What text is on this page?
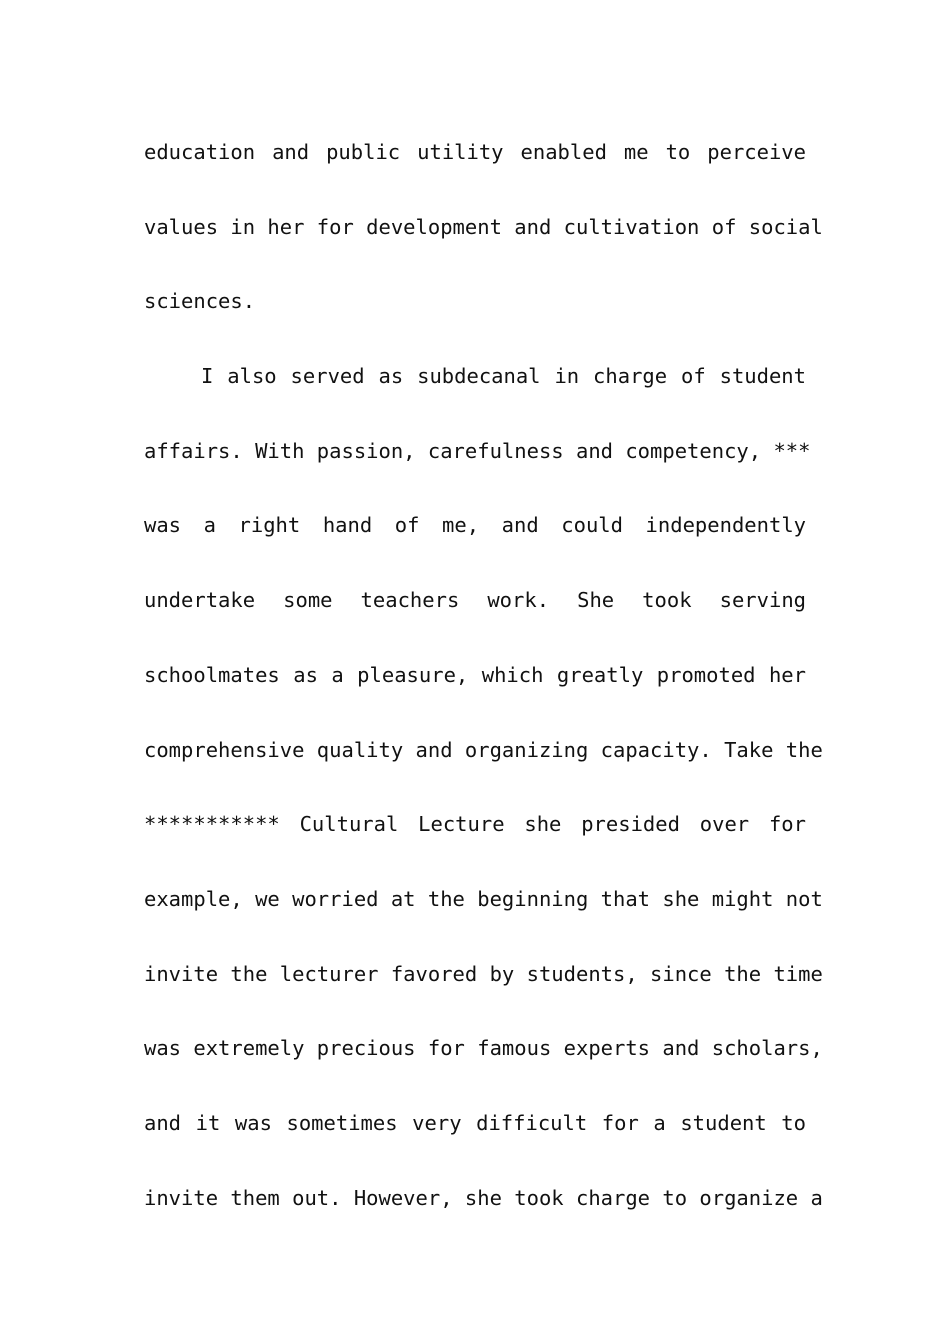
education and public utility enabled me to perceive
values in her for development and cultivation of social
sciences.
I also served as subdecanal in charge of student
affairs. With passion, carefulness and competency, ***
was a right hand of me, and could independently
undertake some teachers work. She took serving
schoolmates as a pleasure, which greatly promoted her
comprehensive quality and organizing capacity. Take the
*********** Cultural Lecture she presided over for
example, we worried at the beginning that she might not
invite the lecturer favored by students, since the time
was extremely precious for famous experts and scholars,
and it was sometimes very difficult for a student to
invite them out. However, she took charge to organize a
